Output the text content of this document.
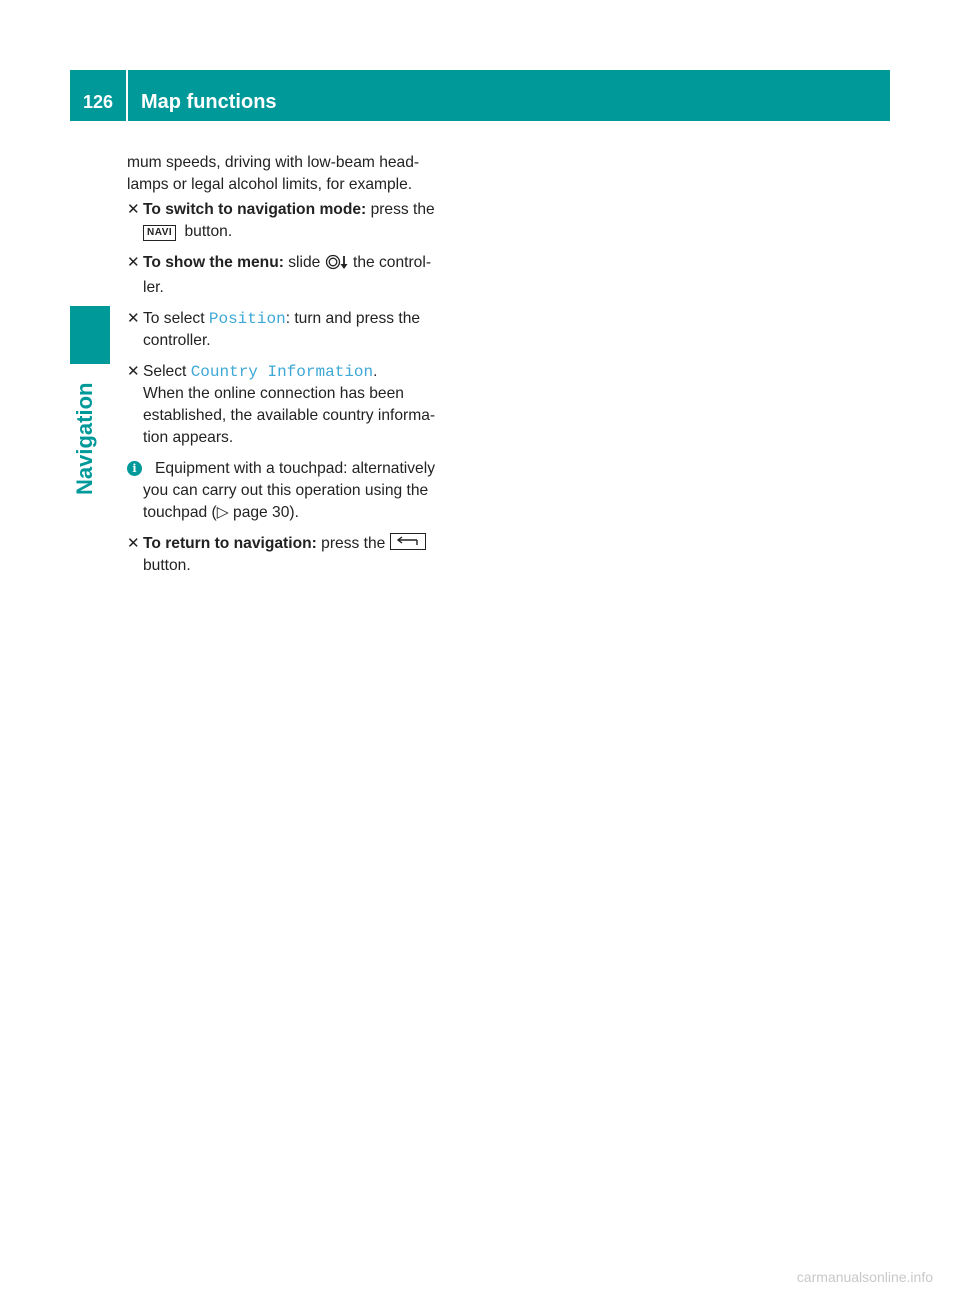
126	Map functions
Navigation
mum speeds, driving with low-beam head-
lamps or legal alcohol limits, for example.
✕ To switch to navigation mode: press the
NAVI button.
✕ To show the menu: slide  the control-
ler.
✕ To select Position: turn and press the
controller.
✕ Select Country Information.
When the online connection has been
established, the available country informa-
tion appears.
i	Equipment with a touchpad: alternatively
you can carry out this operation using the
touchpad (▷ page 30).
✕ To return to navigation: press the

button.
carmanualsonline.info
